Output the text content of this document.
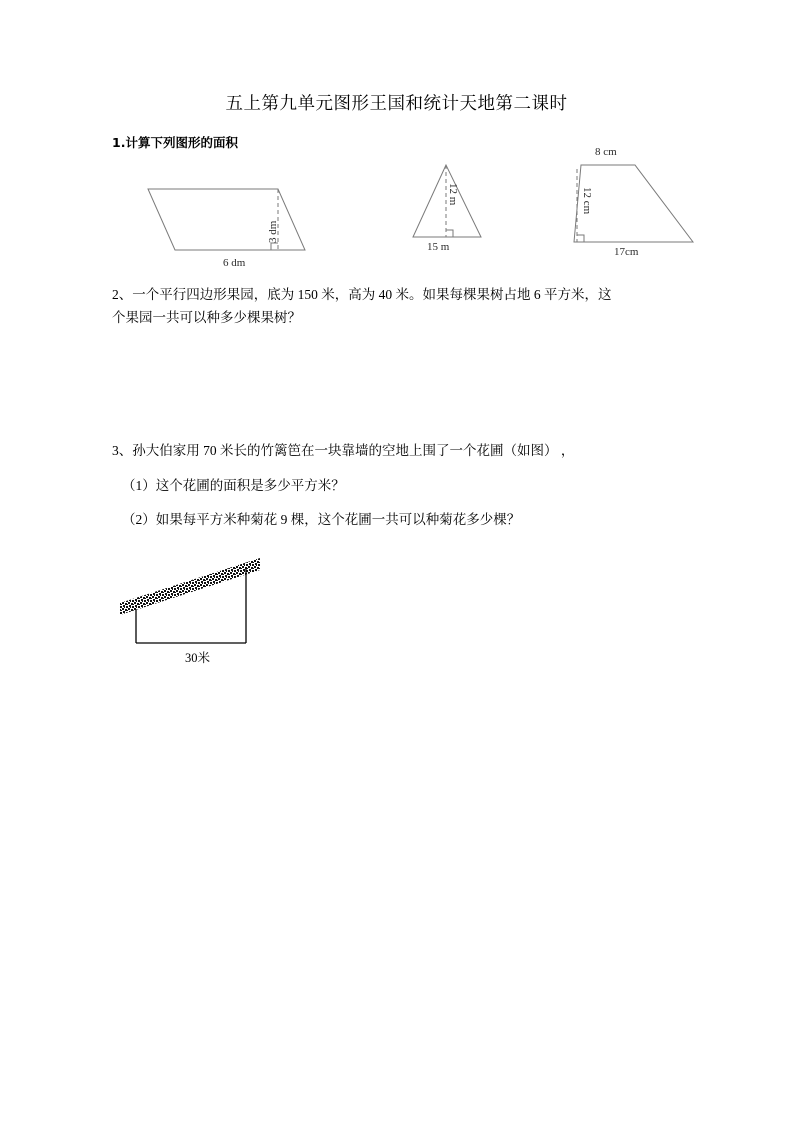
五上第九单元图形王国和统计天地第二课时
1.计算下列图形的面积
3 dm
6 dm
12 m
15 m
8 cm
12 cm
17cm
2、一个平行四边形果园，底为 150 米，高为 40 米。如果每棵果树占地 6 平方米，这
个果园一共可以种多少棵果树？
3、孙大伯家用 70 米长的竹篱笆在一块靠墙的空地上围了一个花圃（如图） ，
（1）这个花圃的面积是多少平方米？
（2）如果每平方米种菊花 9 棵，这个花圃一共可以种菊花多少棵？
30米
